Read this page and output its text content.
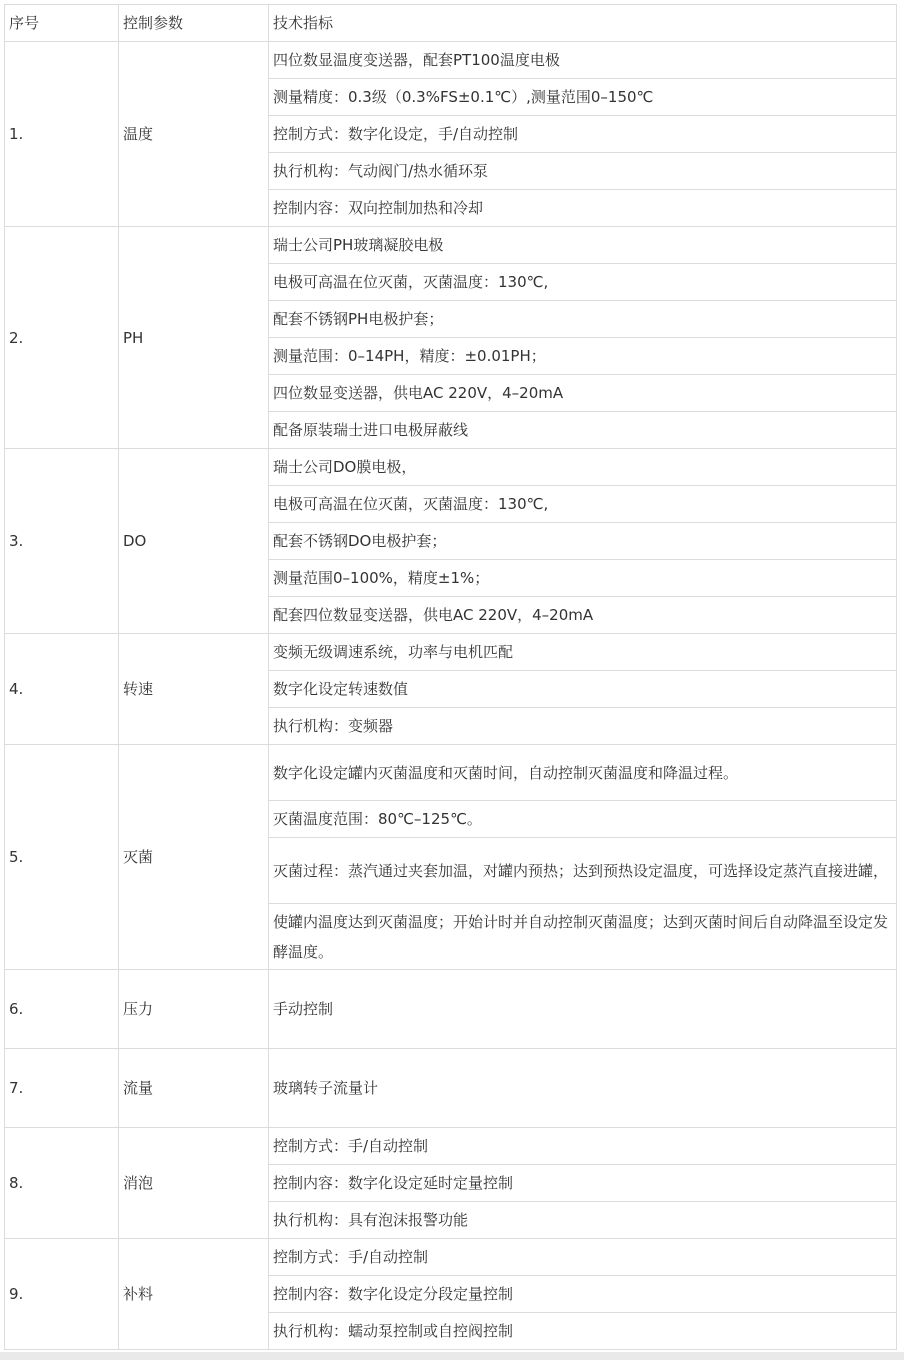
序号	控制参数	技术指标
1.	温度	四位数显温度变送器，配套PT100温度电极
		测量精度：0.3级（0.3%FS±0.1℃）,测量范围0–150℃
		控制方式：数字化设定，手/自动控制
		执行机构：气动阀门/热水循环泵
		控制内容：双向控制加热和冷却
2.	PH	瑞士公司PH玻璃凝胶电极
		电极可高温在位灭菌，灭菌温度：130℃,
		配套不锈钢PH电极护套；
		测量范围：0–14PH，精度：±0.01PH；
		四位数显变送器，供电AC 220V，4–20mA
		配备原装瑞士进口电极屏蔽线
3.	DO	瑞士公司DO膜电极，
		电极可高温在位灭菌，灭菌温度：130℃,
		配套不锈钢DO电极护套；
		测量范围0–100%，精度±1%；
		配套四位数显变送器，供电AC 220V，4–20mA
4.	转速	变频无级调速系统，功率与电机匹配
		数字化设定转速数值
		执行机构：变频器
5.	灭菌	数字化设定罐内灭菌温度和灭菌时间，自动控制灭菌温度和降温过程。
		灭菌温度范围：80℃–125℃。
		灭菌过程：蒸汽通过夹套加温，对罐内预热；达到预热设定温度，可选择设定蒸汽直接进罐，
		使罐内温度达到灭菌温度；开始计时并自动控制灭菌温度；达到灭菌时间后自动降温至设定发酵温度。
6.	压力	手动控制
7.	流量	玻璃转子流量计
8.	消泡	控制方式：手/自动控制
		控制内容：数字化设定延时定量控制
		执行机构：具有泡沫报警功能
9.	补料	控制方式：手/自动控制
		控制内容：数字化设定分段定量控制
		执行机构：蠕动泵控制或自控阀控制
